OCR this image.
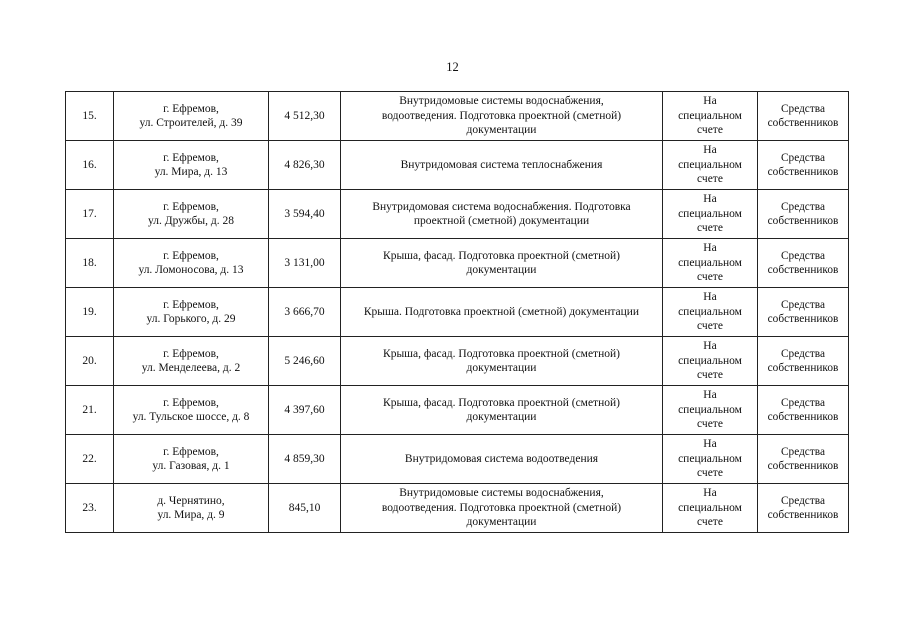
12
15.	г. Ефремов,
ул. Строителей, д. 39	4 512,30	Внутридомовые системы водоснабжения,
водоотведения. Подготовка проектной (сметной)
документации	На
специальном
счете	Средства
собственников

16.	г. Ефремов,
ул. Мира, д. 13	4 826,30	Внутридомовая система теплоснабжения	На
специальном
счете	Средства
собственников

17.	г. Ефремов,
ул. Дружбы, д. 28	3 594,40	Внутридомовая система водоснабжения. Подготовка
проектной (сметной) документации	На
специальном
счете	Средства
собственников

18.	г. Ефремов,
ул. Ломоносова, д. 13	3 131,00	Крыша, фасад. Подготовка проектной (сметной)
документации	На
специальном
счете	Средства
собственников

19.	г. Ефремов,
ул. Горького, д. 29	3 666,70	Крыша. Подготовка проектной (сметной) документации	На
специальном
счете	Средства
собственников

20.	г. Ефремов,
ул. Менделеева, д. 2	5 246,60	Крыша, фасад. Подготовка проектной (сметной)
документации	На
специальном
счете	Средства
собственников

21.	г. Ефремов,
ул. Тульское шоссе, д. 8	4 397,60	Крыша, фасад. Подготовка проектной (сметной)
документации	На
специальном
счете	Средства
собственников

22.	г. Ефремов,
ул. Газовая, д. 1	4 859,30	Внутридомовая система водоотведения	На
специальном
счете	Средства
собственников

23.	д. Чернятино,
ул. Мира, д. 9	845,10	Внутридомовые системы водоснабжения,
водоотведения. Подготовка проектной (сметной)
документации	На
специальном
счете	Средства
собственников
